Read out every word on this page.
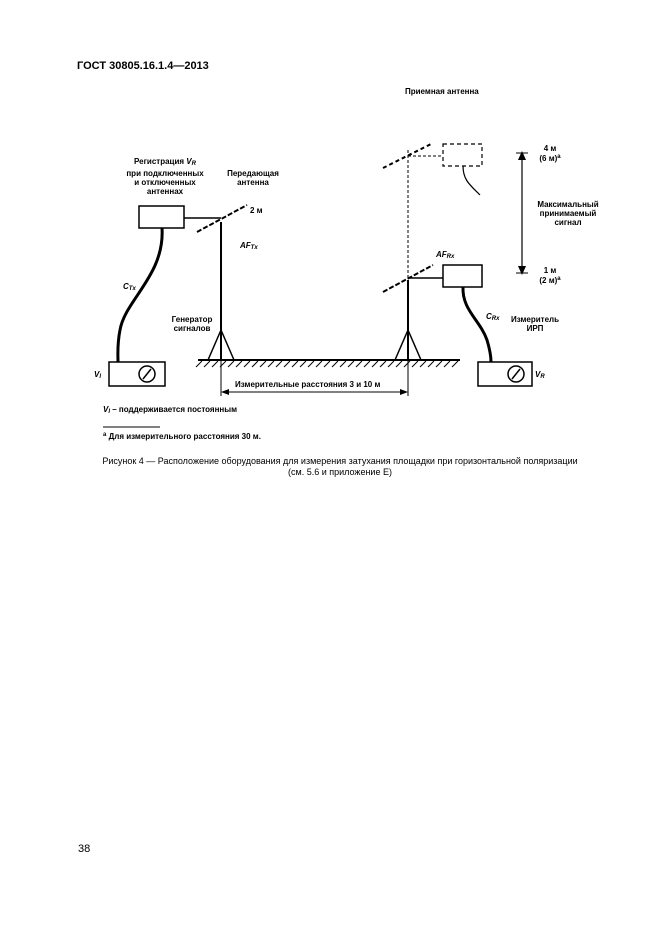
ГОСТ 30805.16.1.4—2013
Приемная антенна
Регистрация $V_R$
при подключенных
и отключенных
антеннах
Передающая
антенна
2 м
$AF_{Tx}$
$C_{Tx}$
Генератор
сигналов
$V_I$
4 м
(6 м)$^a$
Максимальный
принимаемый
сигнал
1 м
(2 м)$^a$
$AF_{Rx}$
$C_{Rx}$	Измеритель
ИРП
$V_R$
Измерительные расстояния 3 и 10 м
$V_I$ – поддерживается постоянным
$^a$ Для измерительного расстояния 30 м.
Рисунок 4 — Расположение оборудования для измерения затухания площадки при горизонтальной поляризации
(см. 5.6 и приложение Е)
38
